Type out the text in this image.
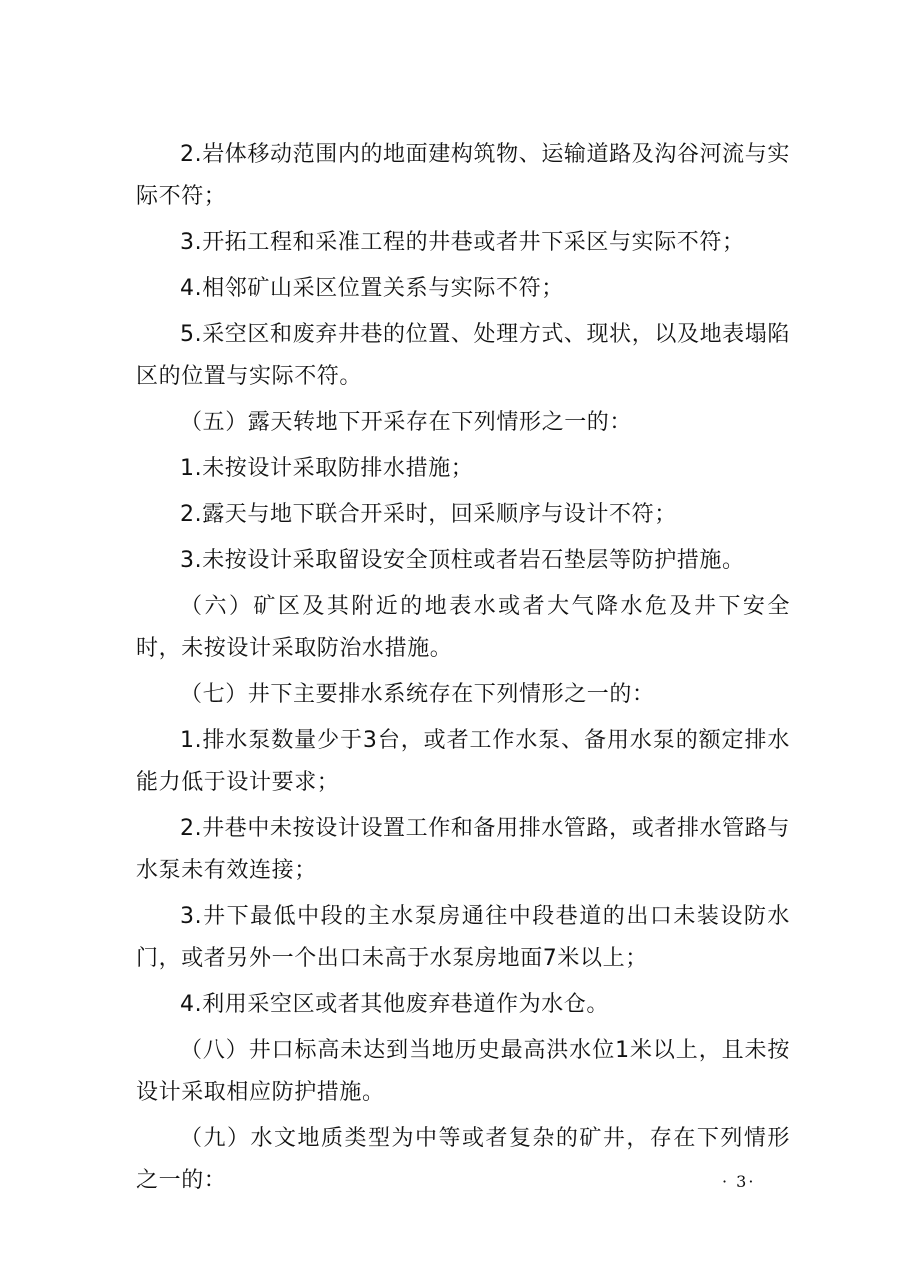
2.岩体移动范围内的地面建构筑物、运输道路及沟谷河流与实际不符；

3.开拓工程和采准工程的井巷或者井下采区与实际不符；

4.相邻矿山采区位置关系与实际不符；

5.采空区和废弃井巷的位置、处理方式、现状，以及地表塌陷区的位置与实际不符。

（五）露天转地下开采存在下列情形之一的：

1.未按设计采取防排水措施；

2.露天与地下联合开采时，回采顺序与设计不符；

3.未按设计采取留设安全顶柱或者岩石垫层等防护措施。

（六）矿区及其附近的地表水或者大气降水危及井下安全时，未按设计采取防治水措施。

（七）井下主要排水系统存在下列情形之一的：

1.排水泵数量少于3台，或者工作水泵、备用水泵的额定排水能力低于设计要求；

2.井巷中未按设计设置工作和备用排水管路，或者排水管路与水泵未有效连接；

3.井下最低中段的主水泵房通往中段巷道的出口未装设防水门，或者另外一个出口未高于水泵房地面7米以上；

4.利用采空区或者其他废弃巷道作为水仓。

（八）井口标高未达到当地历史最高洪水位1米以上，且未按设计采取相应防护措施。

（九）水文地质类型为中等或者复杂的矿井，存在下列情形之一的：	· 3·
